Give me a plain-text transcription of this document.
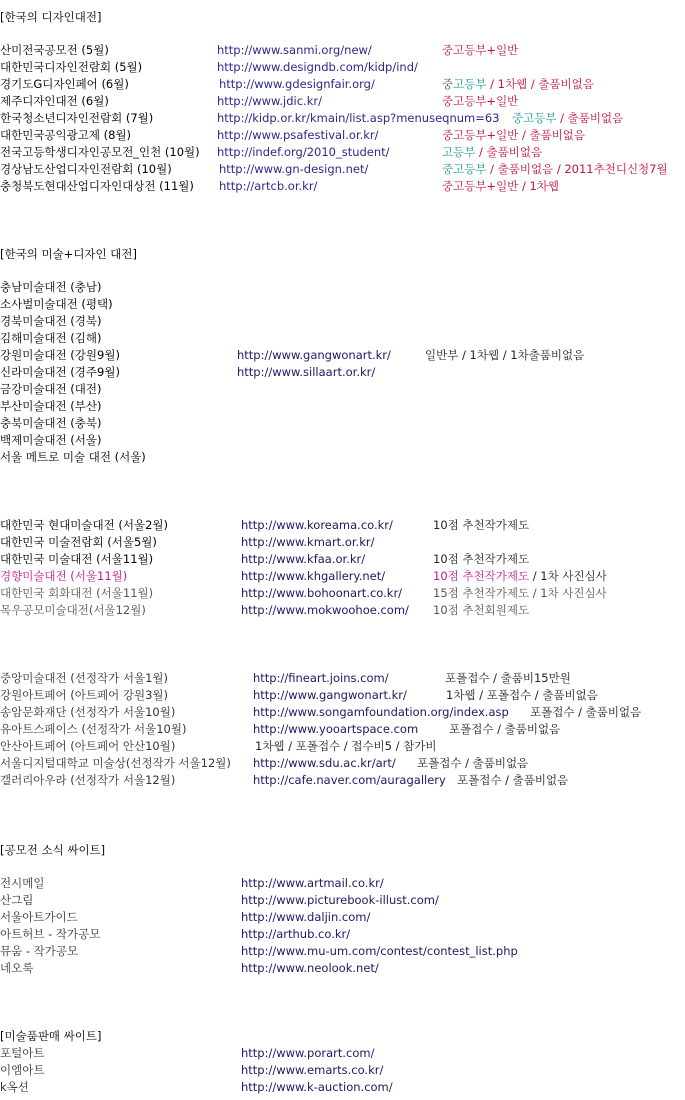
[한국의 디자인대전]
산미전국공모전 (5월)	http://www.sanmi.org/new/	중고등부+일반
대한민국디자인전람회 (5월)	http://www.designdb.com/kidp/ind/
경기도G디자인페어 (6월)	http://www.gdesignfair.org/	중고등부 / 1차웹 / 출품비없음
제주디자인대전 (6월)	http://www.jdic.kr/	중고등부+일반
한국청소년디자인전람회 (7월)	http://kidp.or.kr/kmain/list.asp?menuseqnum=63 중고등부 / 출품비없음
대한민국공익광고제 (8월)	http://www.psafestival.or.kr/	중고등부+일반 / 출품비없음
전국고등학생디자인공모전_인천 (10월) http://indef.org/2010_student/	고등부 / 출품비없음
경상남도산업디자인전람회 (10월)	http://www.gn-design.net/	중고등부 / 출품비없음 / 2011추천디신청7월
충청북도현대산업디자인대상전 (11월) http://artcb.or.kr/	중고등부+일반 / 1차웹
[한국의 미술+디자인 대전]
충남미술대전 (충남)
소사벌미술대전 (평택)
경북미술대전 (경북)
김해미술대전 (김해)
강원미술대전 (강원9월)	http://www.gangwonart.kr/	일반부 / 1차웹 / 1차출품비없음
신라미술대전 (경주9월)	http://www.sillaart.or.kr/
금강미술대전 (대전)
부산미술대전 (부산)
충북미술대전 (충북)
백제미술대전 (서울)
서울 메트로 미술 대전 (서울)
대한민국 현대미술대전 (서울2월)	http://www.koreama.co.kr/	10점 추천작가제도
대한민국 미술전람회 (서울5월)	http://www.kmart.or.kr/
대한민국 미술대전 (서울11월)	http://www.kfaa.or.kr/	10점 추천작가제도
경향미술대전 (서울11월)	http://www.khgallery.net/	10점 추천작가제도 / 1차 사진심사
대한민국 회화대전 (서울11월)	http://www.bohoonart.co.kr/	15점 추천작가제도 / 1차 사진심사
목우공모미술대전(서울12월)	http://www.mokwoohoe.com/ 10점 추천회원제도
중앙미술대전 (선정작가 서울1월)	http://fineart.joins.com/	포폴접수 / 출품비15만원
강원아트페어 (아트페어 강원3월)	http://www.gangwonart.kr/	1차웹 / 포폴접수 / 출품비없음
송암문화재단 (선정작가 서울10월)	http://www.songamfoundation.org/index.asp 포폴접수 / 출품비없음
유아트스페이스 (선정작가 서울10월)	http://www.yooartspace.com	포폴접수 / 출품비없음
안산아트페어 (아트페어 안산10월)	1차웹 / 포폴접수 / 접수비5 / 참가비
서울디지털대학교 미술상(선정작가 서울12월) http://www.sdu.ac.kr/art/ 포폴접수 / 출품비없음
갤러리아우라 (선정작가 서울12월)	http://cafe.naver.com/auragallery 포폴접수 / 출품비없음
[공모전 소식 싸이트]
전시메일	http://www.artmail.co.kr/
산그림	http://www.picturebook-illust.com/
서울아트가이드	http://www.daljin.com/
아트허브 - 작가공모	http://arthub.co.kr/
뮤움 - 작가공모	http://www.mu-um.com/contest/contest_list.php
네오룩	http://www.neolook.net/
[미술품판매 싸이트]
포털아트	http://www.porart.com/
이엠아트	http://www.emarts.co.kr/
k옥션	http://www.k-auction.com/
